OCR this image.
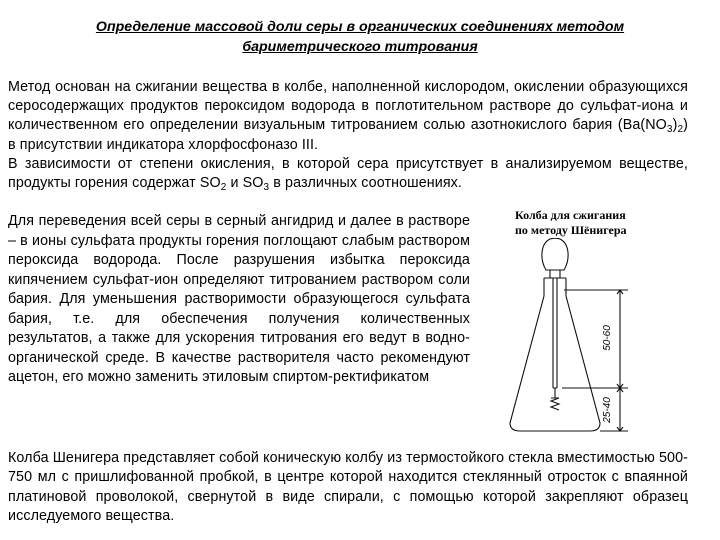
Определение массовой доли серы в органических соединениях методом
бариметрического титрования
Метод основан на сжигании вещества в колбе, наполненной кислородом, окислении образующихся серосодержащих продуктов пероксидом водорода в поглотительном растворе до сульфат-иона и количественном его определении визуальным титрованием солью азотнокислого бария $(Ba(NO_3)_2)$ в присутствии индикатора хлорфосфоназо III.
В зависимости от степени окисления, в которой сера присутствует в анализируемом веществе, продукты горения содержат $SO_2$ и $SO_3$ в различных соотношениях.
Для переведения всей серы в серный ангидрид и далее в растворе – в ионы сульфата продукты горения поглощают слабым раствором пероксида водорода. После разрушения избытка пероксида кипячением сульфат-ион определяют титрованием раствором соли бария. Для уменьшения растворимости образующегося сульфата бария, т.е. для обеспечения получения количественных результатов, а также для ускорения титрования его ведут в водно-органической среде. В качестве растворителя часто рекомендуют ацетон, его можно заменить этиловым спиртом-ректификатом
Колба для сжигания
по методу Шёнигера
50-60
25-40
Колба Шенигера представляет собой коническую колбу из термостойкого стекла вместимостью 500-750 мл с пришлифованной пробкой, в центре которой находится стеклянный отросток с впаянной платиновой проволокой, свернутой в виде спирали, с помощью которой закрепляют образец исследуемого вещества.
